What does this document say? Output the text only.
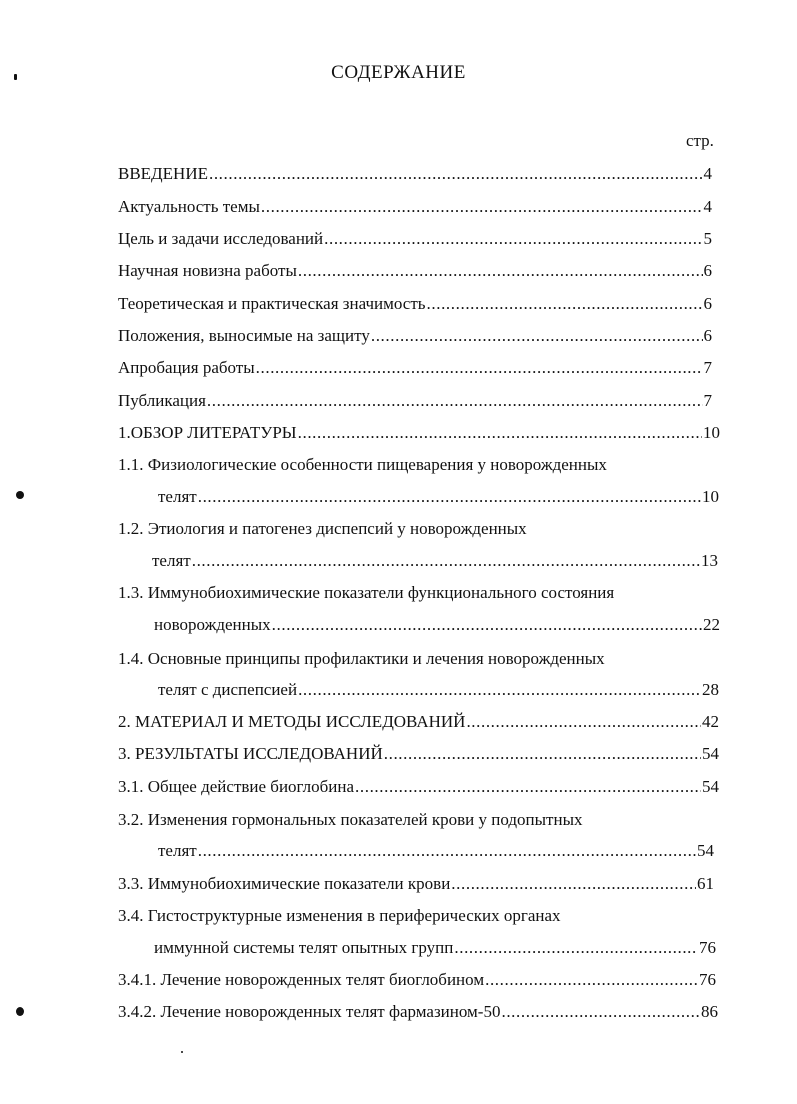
СОДЕРЖАНИЕ
стр.
ВВЕДЕНИЕ .....	4
Актуальность темы .....	4
Цель и задачи исследований .....	5
Научная новизна работы .....	6
Теоретическая и практическая значимость .....	6
Положения, выносимые на защиту .....	6
Апробация работы .....	7
Публикация .....	7
1.ОБЗОР ЛИТЕРАТУРЫ .....	10
1.1. Физиологические особенности пищеварения у новорожденных
телят .....	10
1.2. Этиология и патогенез диспепсий у новорожденных
телят .....	13
1.3. Иммунобиохимические показатели функционального состояния
новорожденных .....	22
1.4. Основные принципы профилактики и лечения новорожденных
телят с диспепсией .....	28
2. МАТЕРИАЛ И МЕТОДЫ ИССЛЕДОВАНИЙ .....	42
3. РЕЗУЛЬТАТЫ ИССЛЕДОВАНИЙ .....	54
3.1. Общее действие биоглобина .....	54
3.2. Изменения гормональных показателей крови у подопытных
телят .....	54
3.3. Иммунобиохимические показатели крови .....	61
3.4. Гистоструктурные изменения в периферических органах
иммунной системы телят опытных групп .....	76
3.4.1. Лечение новорожденных телят биоглобином .....	76
3.4.2. Лечение новорожденных телят фармазином-50 .....	86
